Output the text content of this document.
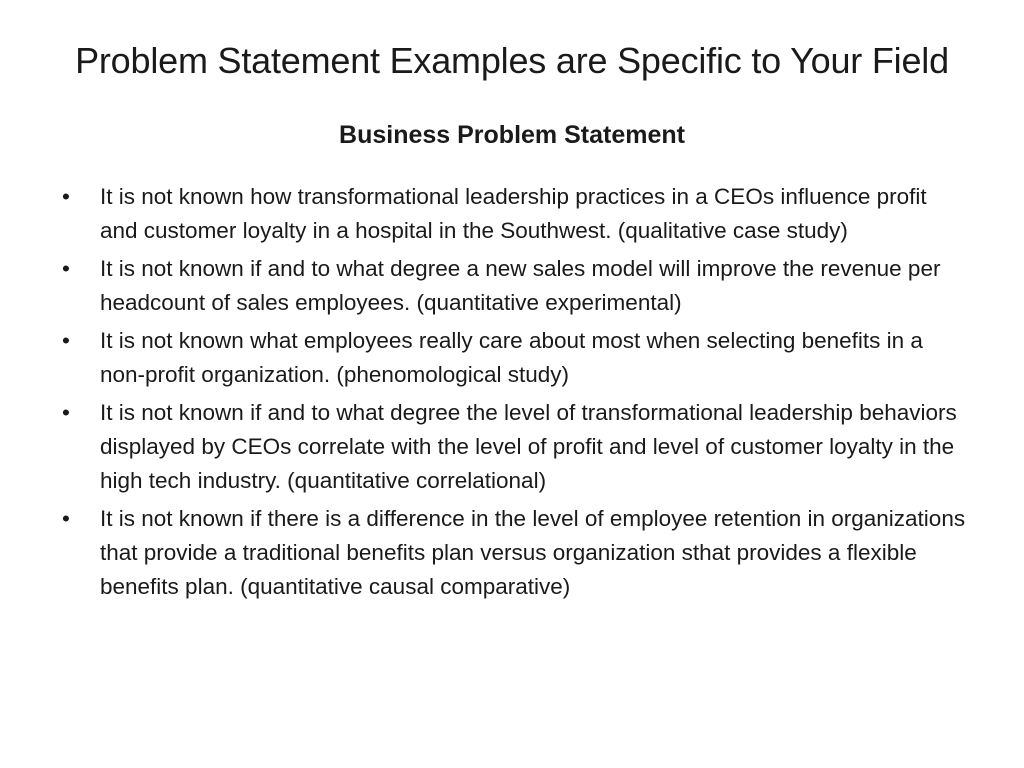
Problem Statement Examples are Specific to Your Field
Business Problem Statement
•	It is not known how transformational leadership practices in a CEOs influence profit and customer loyalty in a hospital in the Southwest. (qualitative case study)
•	It is not known if and to what degree a new sales model will improve the revenue per headcount of sales employees. (quantitative experimental)
•	It is not known what employees really care about most when selecting benefits in a non-profit organization. (phenomological study)
•	It is not known if and to what degree the level of transformational leadership behaviors displayed by CEOs correlate with the level of profit and level of customer loyalty in the high tech industry. (quantitative correlational)
•	It is not known if there is a difference in the level of employee retention in organizations that provide a traditional benefits plan versus organization sthat provides a flexible benefits plan. (quantitative causal comparative)
